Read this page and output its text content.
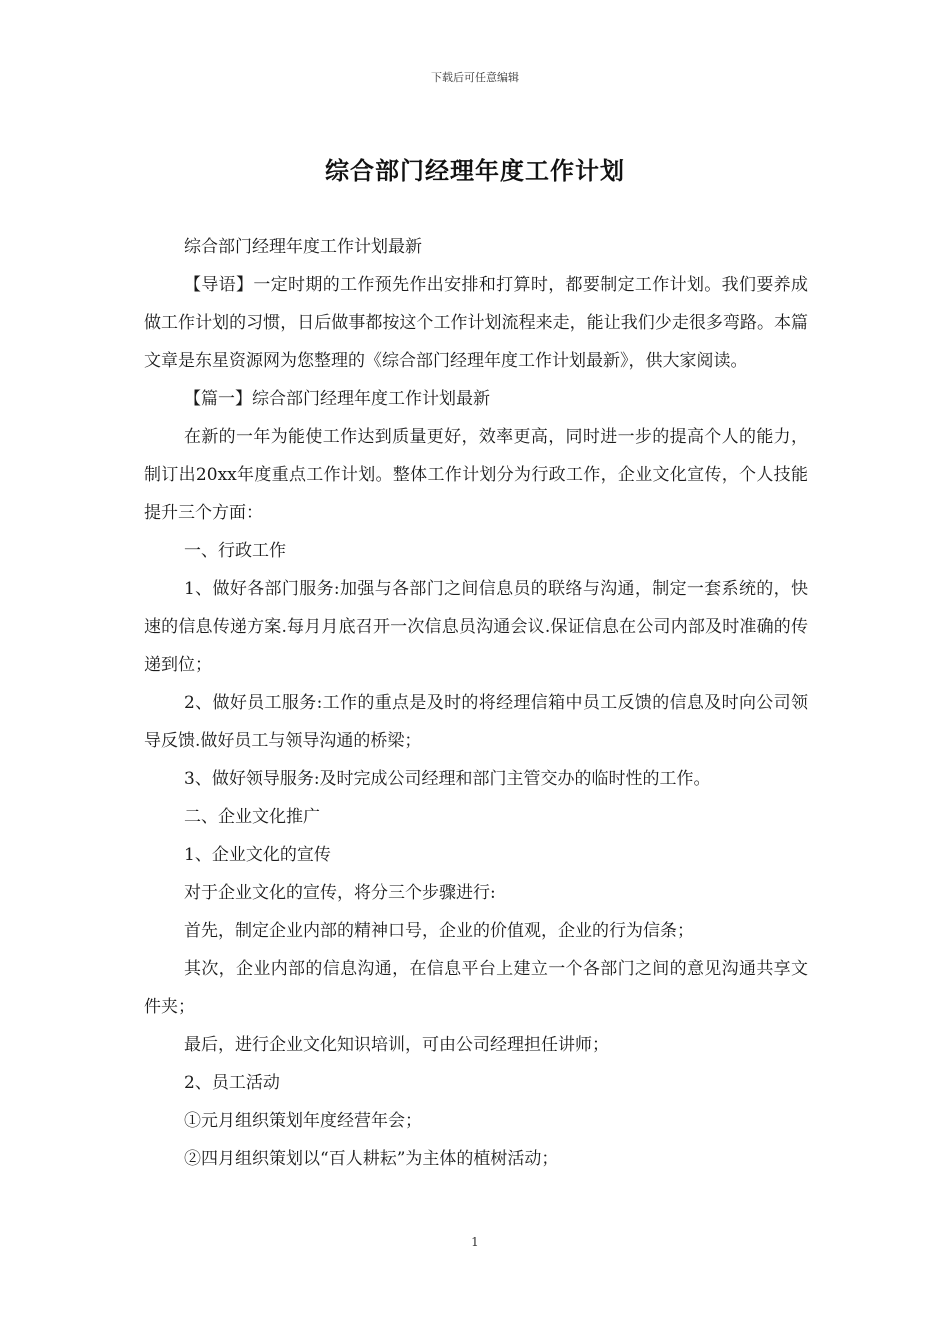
下载后可任意编辑
综合部门经理年度工作计划

综合部门经理年度工作计划最新

【导语】一定时期的工作预先作出安排和打算时，都要制定工作计划。我们要养成做工作计划的习惯，日后做事都按这个工作计划流程来走，能让我们少走很多弯路。本篇文章是东星资源网为您整理的《综合部门经理年度工作计划最新》，供大家阅读。

【篇一】综合部门经理年度工作计划最新

在新的一年为能使工作达到质量更好，效率更高，同时进一步的提高个人的能力，制订出20xx年度重点工作计划。整体工作计划分为行政工作，企业文化宣传，个人技能提升三个方面：

一、行政工作

1、做好各部门服务:加强与各部门之间信息员的联络与沟通，制定一套系统的，快速的信息传递方案.每月月底召开一次信息员沟通会议.保证信息在公司内部及时准确的传递到位；

2、做好员工服务:工作的重点是及时的将经理信箱中员工反馈的信息及时向公司领导反馈.做好员工与领导沟通的桥梁；

3、做好领导服务:及时完成公司经理和部门主管交办的临时性的工作。

二、企业文化推广

1、企业文化的宣传

对于企业文化的宣传，将分三个步骤进行:

首先，制定企业内部的精神口号，企业的价值观，企业的行为信条；

其次，企业内部的信息沟通，在信息平台上建立一个各部门之间的意见沟通共享文件夹；

最后，进行企业文化知识培训，可由公司经理担任讲师；

2、员工活动

①元月组织策划年度经营年会；

②四月组织策划以“百人耕耘”为主体的植树活动；

1
